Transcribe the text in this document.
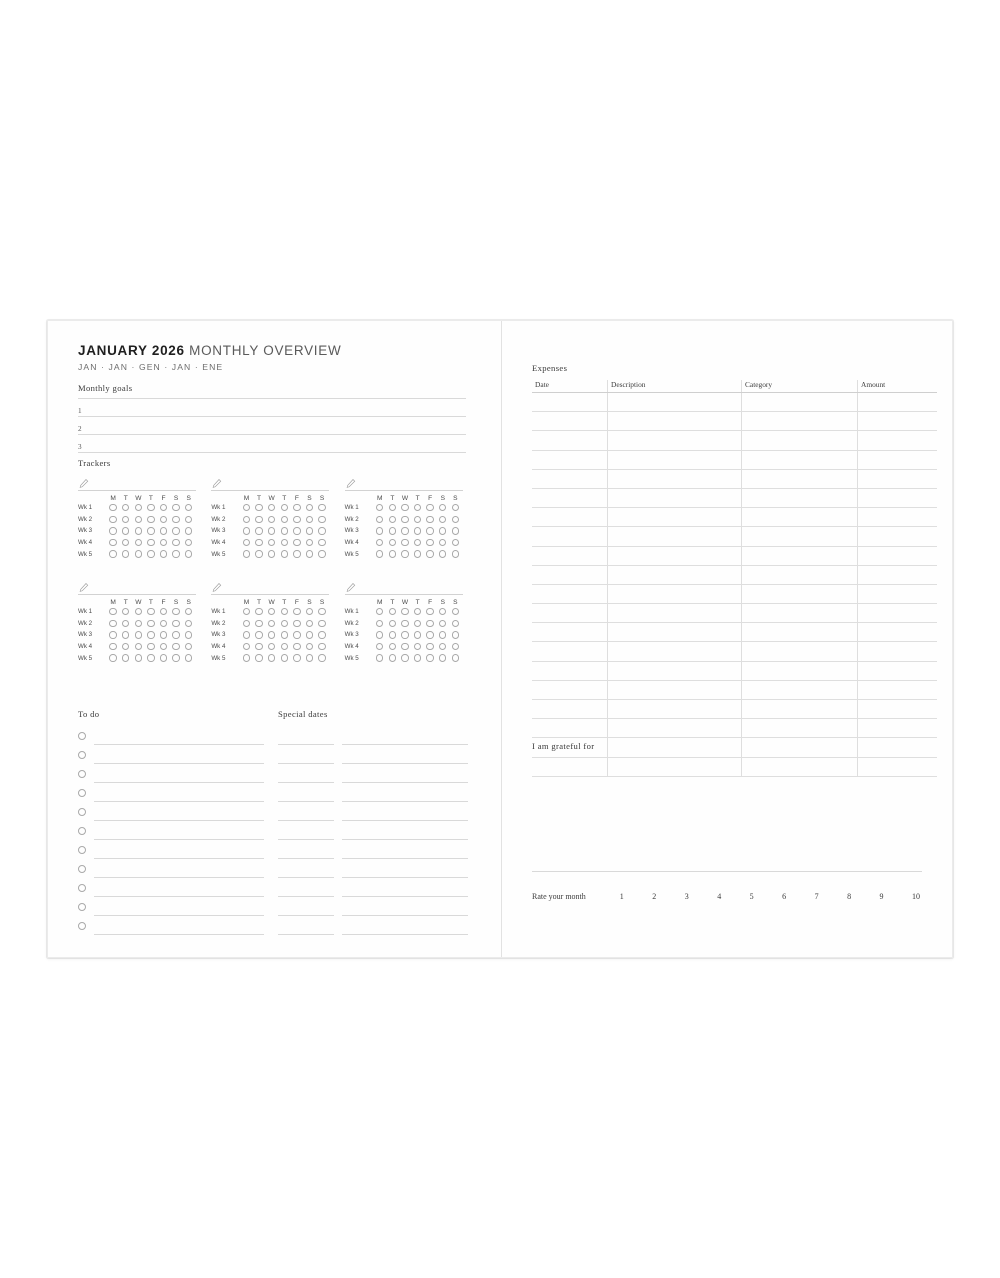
JANUARY 2026 MONTHLY OVERVIEW
JAN · JAN · GEN · JAN · ENE
Monthly goals
1
2
3
Trackers
M	T	W	T	F	S	S
Wk 1
Wk 2
Wk 3
Wk 4
Wk 5
M	T	W	T	F	S	S
Wk 1
Wk 2
Wk 3
Wk 4
Wk 5
M	T	W	T	F	S	S
Wk 1
Wk 2
Wk 3
Wk 4
Wk 5
M	T	W	T	F	S	S
Wk 1
Wk 2
Wk 3
Wk 4
Wk 5
M	T	W	T	F	S	S
Wk 1
Wk 2
Wk 3
Wk 4
Wk 5
M	T	W	T	F	S	S
Wk 1
Wk 2
Wk 3
Wk 4
Wk 5
To do	Special dates
Expenses
Date	Description	Category	Amount

I am grateful for
Rate your month	1	2	3	4	5	6	7	8	9	10
